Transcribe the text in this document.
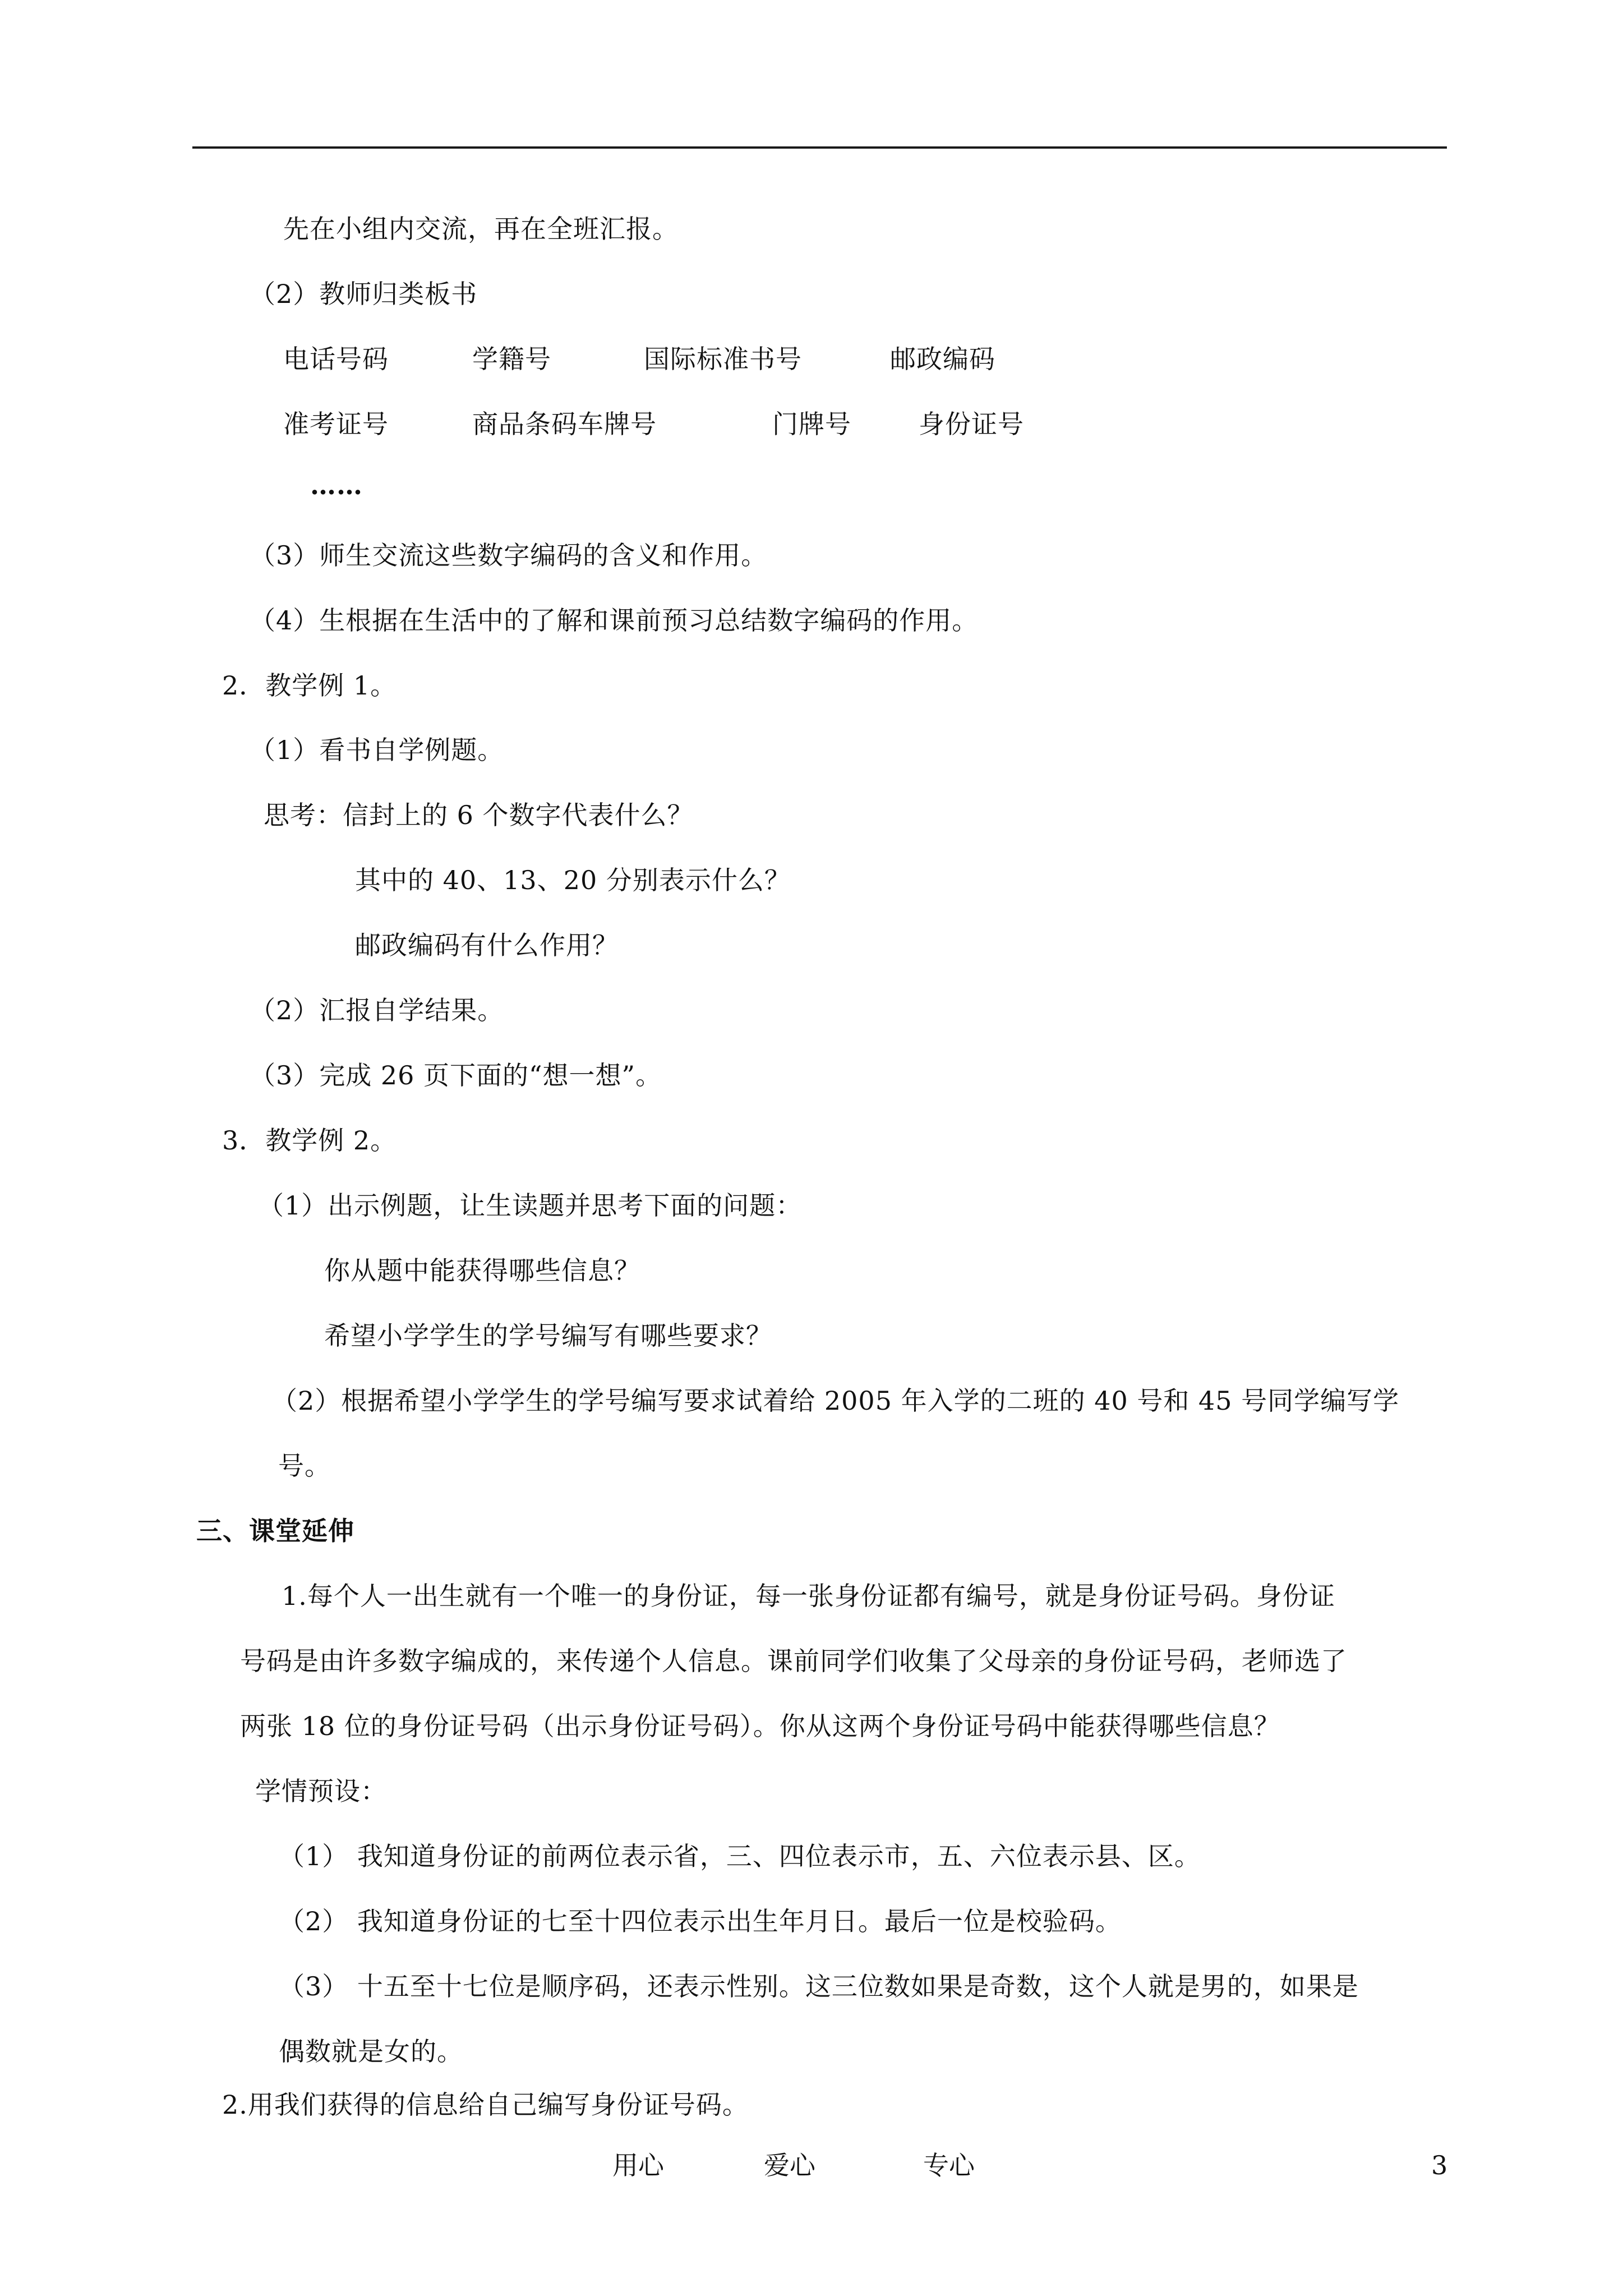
先在小组内交流，再在全班汇报。
（2）教师归类板书
电话号码	学籍号	国际标准书号	邮政编码
准考证号	商品条码车牌号	门牌号	身份证号
……
（3）师生交流这些数字编码的含义和作用。
（4）生根据在生活中的了解和课前预习总结数字编码的作用。
2．教学例 1。
（1）看书自学例题。
思考：信封上的 6 个数字代表什么？
其中的 40、13、20 分别表示什么？
邮政编码有什么作用？
（2）汇报自学结果。
（3）完成 26 页下面的“想一想”。
3．教学例 2。
（1）出示例题，让生读题并思考下面的问题：
你从题中能获得哪些信息？
希望小学学生的学号编写有哪些要求？
（2）根据希望小学学生的学号编写要求试着给 2005 年入学的二班的 40 号和 45 号同学编写学
号。
三、课堂延伸
1.每个人一出生就有一个唯一的身份证，每一张身份证都有编号，就是身份证号码。身份证
号码是由许多数字编成的，来传递个人信息。课前同学们收集了父母亲的身份证号码，老师选了
两张 18 位的身份证号码（出示身份证号码）。你从这两个身份证号码中能获得哪些信息？
学情预设：
（1） 我知道身份证的前两位表示省，三、四位表示市，五、六位表示县、区。
（2） 我知道身份证的七至十四位表示出生年月日。最后一位是校验码。
（3） 十五至十七位是顺序码，还表示性别。这三位数如果是奇数，这个人就是男的，如果是
偶数就是女的。
2.用我们获得的信息给自己编写身份证号码。
用心	爱心	专心	3
